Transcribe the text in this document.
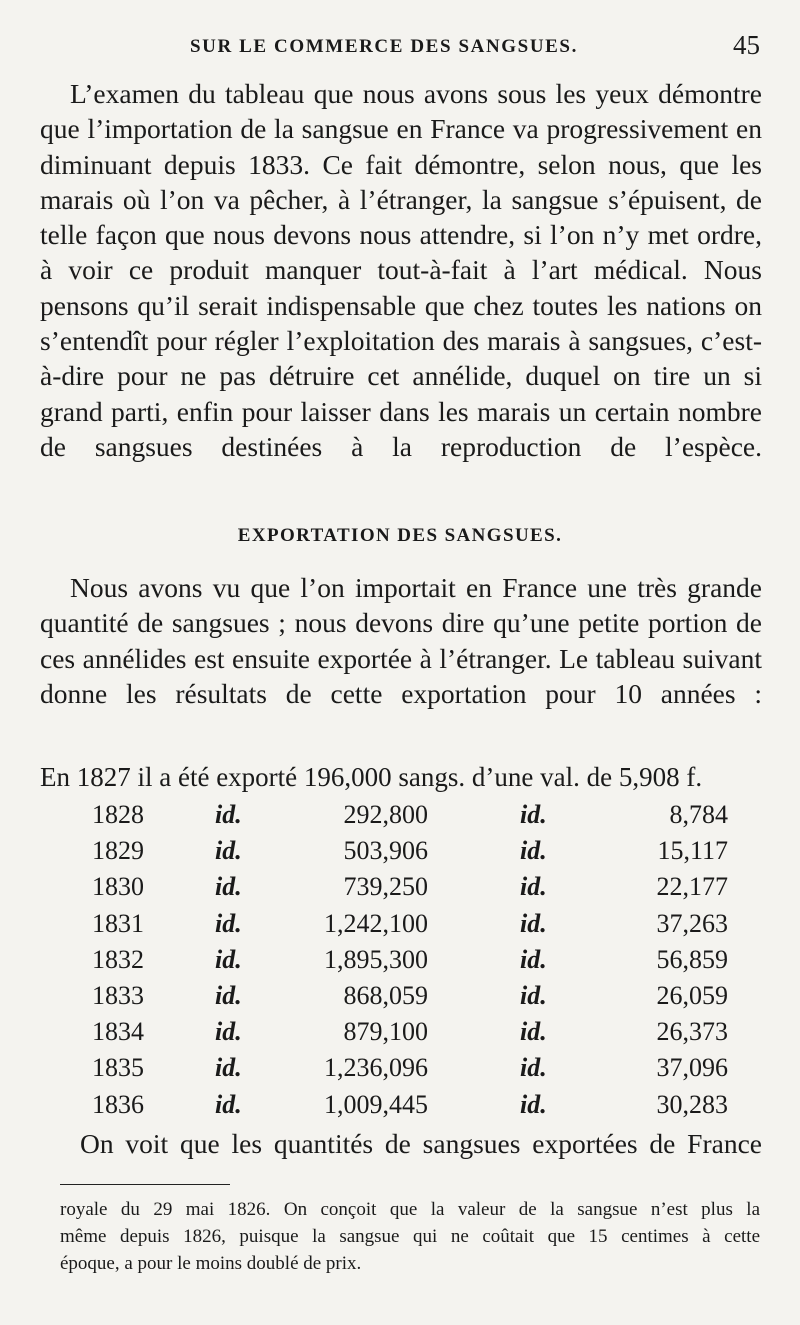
SUR LE COMMERCE DES SANGSUES.	45

L’examen du tableau que nous avons sous les yeux démontre que l’importation de la sangsue en France va progressivement en diminuant depuis 1833. Ce fait démontre, selon nous, que les marais où l’on va pêcher, à l’étranger, la sangsue s’épuisent, de telle façon que nous devons nous attendre, si l’on n’y met ordre, à voir ce produit manquer tout-à-fait à l’art médical. Nous pensons qu’il serait indispensable que chez toutes les nations on s’entendît pour régler l’exploitation des marais à sangsues, c’est-à-dire pour ne pas détruire cet annélide, duquel on tire un si grand parti, enfin pour laisser dans les marais un certain nombre de sangsues destinées à la reproduction de l’espèce.

EXPORTATION DES SANGSUES.

Nous avons vu que l’on importait en France une très grande quantité de sangsues ; nous devons dire qu’une petite portion de ces annélides est ensuite exportée à l’étranger. Le tableau suivant donne les résultats de cette exportation pour 10 années :

En 1827 il a été exporté 196,000 sangs. d’une val. de 5,908 f.
1828	id.	292,800	id.	8,784
1829	id.	503,906	id.	15,117
1830	id.	739,250	id.	22,177
1831	id.	1,242,100	id.	37,263
1832	id.	1,895,300	id.	56,859
1833	id.	868,059	id.	26,059
1834	id.	879,100	id.	26,373
1835	id.	1,236,096	id.	37,096
1836	id.	1,009,445	id.	30,283

On voit que les quantités de sangsues exportées de France

royale du 29 mai 1826. On conçoit que la valeur de la sangsue n’est plus la
même depuis 1826, puisque la sangsue qui ne coûtait que 15 centimes à cette
époque, a pour le moins doublé de prix.
